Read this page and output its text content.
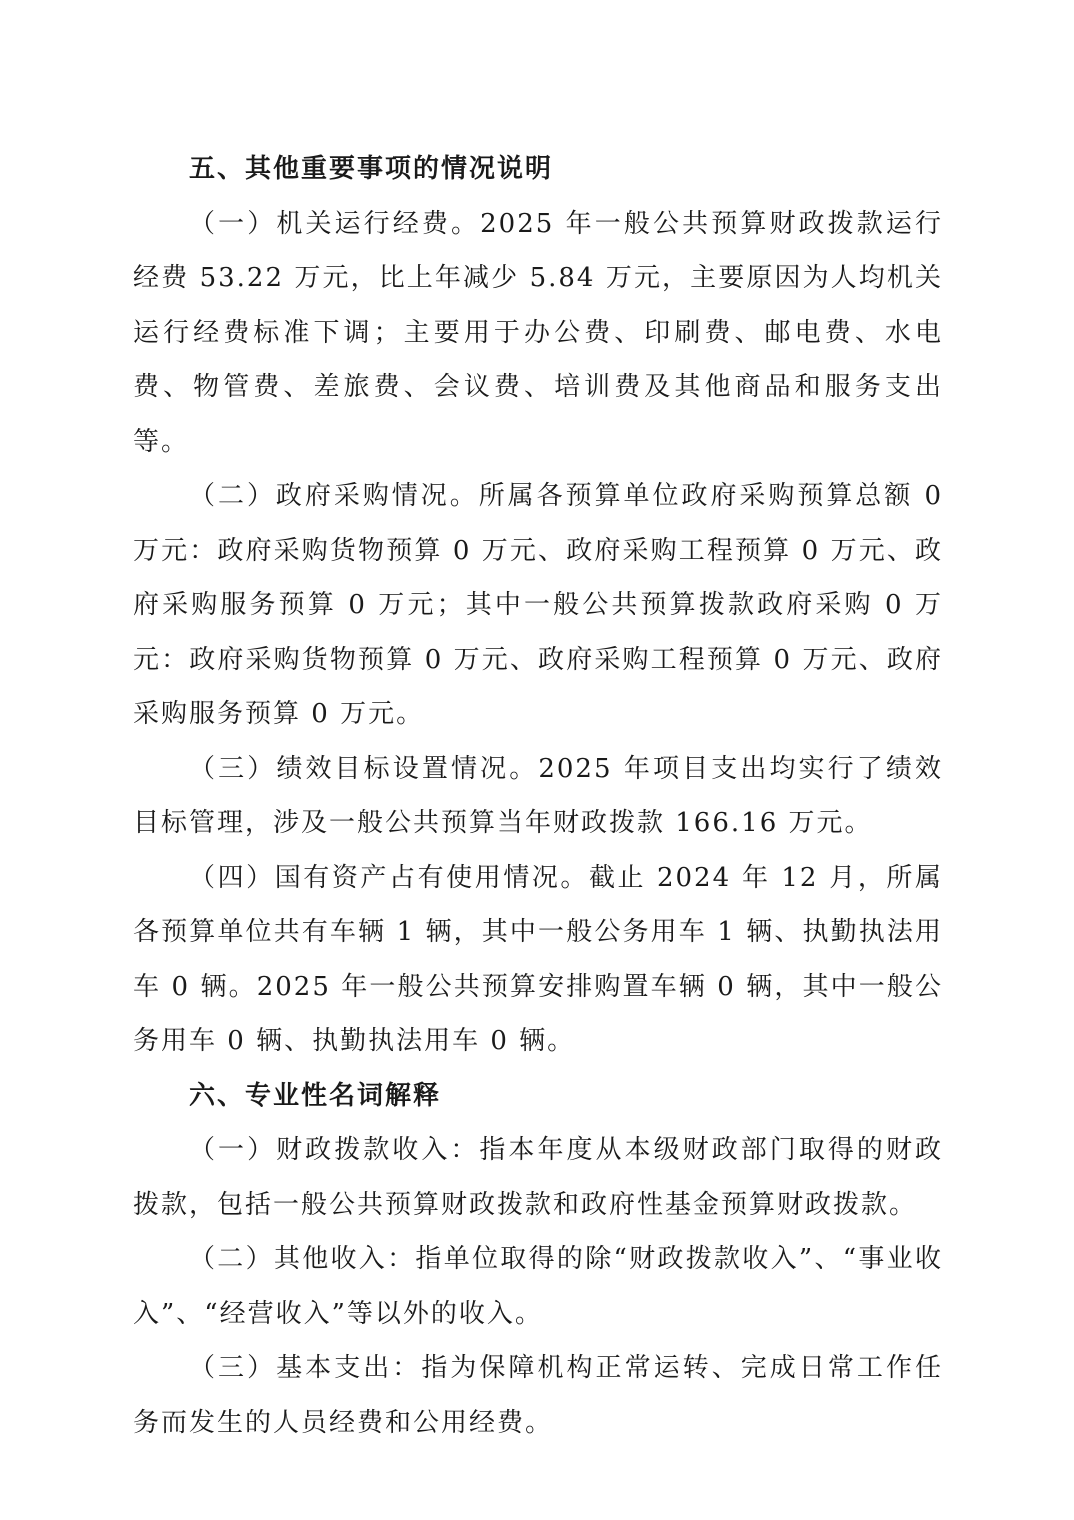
五、其他重要事项的情况说明

（一）机关运行经费。2025 年一般公共预算财政拨款运行经费 53.22 万元，比上年减少 5.84 万元，主要原因为人均机关运行经费标准下调；主要用于办公费、印刷费、邮电费、水电费、物管费、差旅费、会议费、培训费及其他商品和服务支出等。

（二）政府采购情况。所属各预算单位政府采购预算总额 0 万元：政府采购货物预算 0 万元、政府采购工程预算 0 万元、政府采购服务预算 0 万元；其中一般公共预算拨款政府采购 0 万元：政府采购货物预算 0 万元、政府采购工程预算 0 万元、政府采购服务预算 0 万元。

（三）绩效目标设置情况。2025 年项目支出均实行了绩效目标管理，涉及一般公共预算当年财政拨款 166.16 万元。

（四）国有资产占有使用情况。截止 2024 年 12 月，所属各预算单位共有车辆 1 辆，其中一般公务用车 1 辆、执勤执法用车 0 辆。2025 年一般公共预算安排购置车辆 0 辆，其中一般公务用车 0 辆、执勤执法用车 0 辆。

六、专业性名词解释

（一）财政拨款收入：指本年度从本级财政部门取得的财政拨款，包括一般公共预算财政拨款和政府性基金预算财政拨款。

（二）其他收入：指单位取得的除“财政拨款收入”、“事业收入”、“经营收入”等以外的收入。

（三）基本支出：指为保障机构正常运转、完成日常工作任务而发生的人员经费和公用经费。
